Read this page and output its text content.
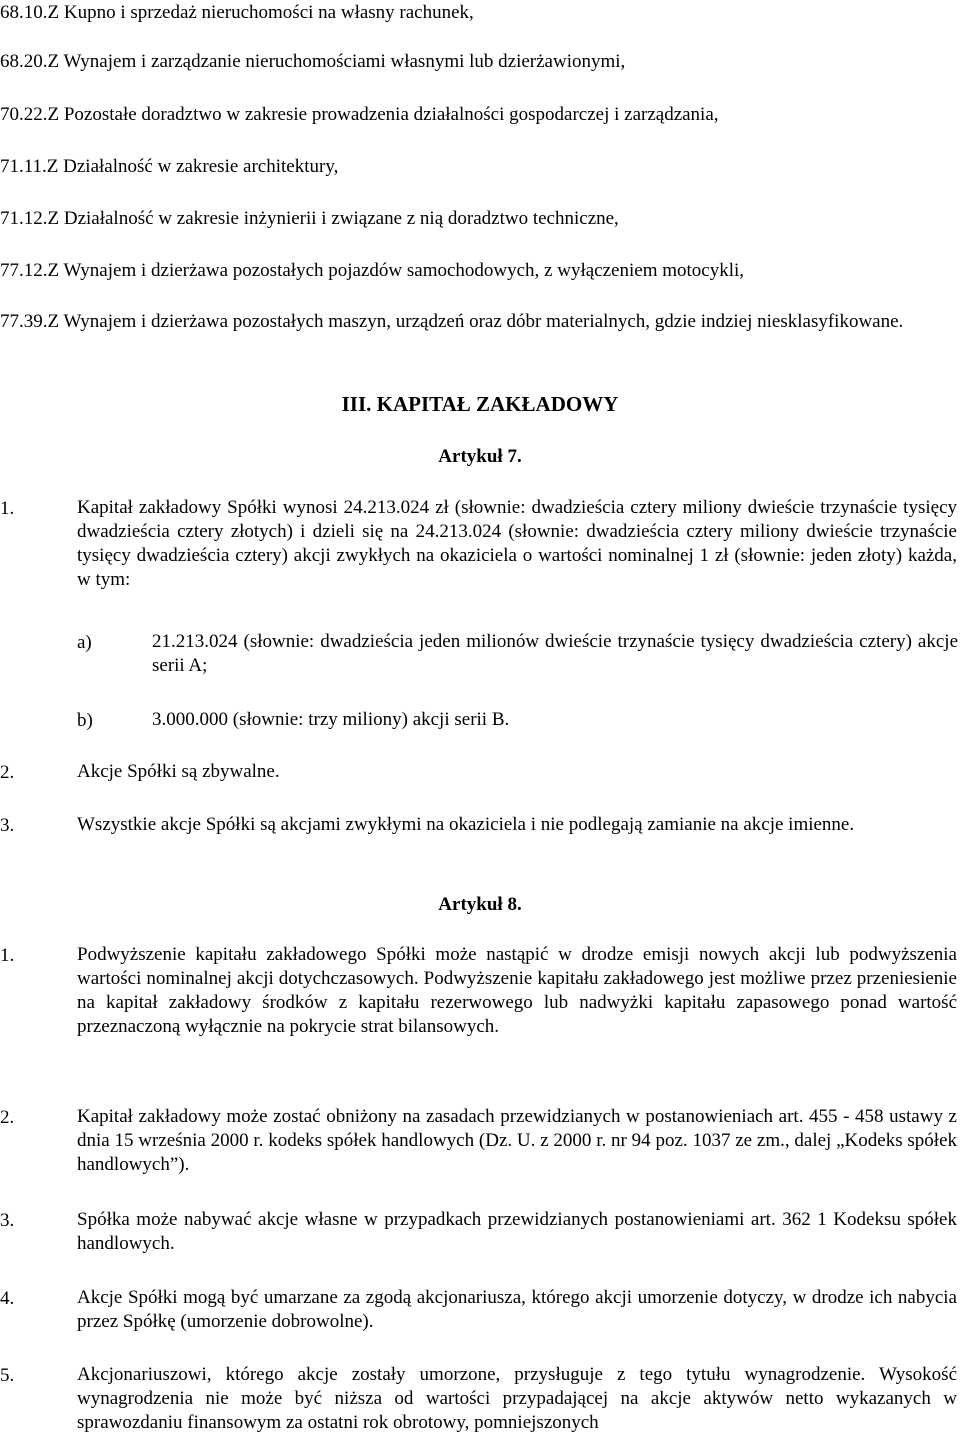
68.10.Z Kupno i sprzedaż nieruchomości na własny rachunek,
68.20.Z Wynajem i zarządzanie nieruchomościami własnymi lub dzierżawionymi,
70.22.Z Pozostałe doradztwo w zakresie prowadzenia działalności gospodarczej i zarządzania,
71.11.Z Działalność w zakresie architektury,
71.12.Z Działalność w zakresie inżynierii i związane z nią doradztwo techniczne,
77.12.Z Wynajem i dzierżawa pozostałych pojazdów samochodowych, z wyłączeniem motocykli,
77.39.Z Wynajem i dzierżawa pozostałych maszyn, urządzeń oraz dóbr materialnych, gdzie indziej niesklasyfikowane.
III. KAPITAŁ ZAKŁADOWY
Artykuł 7.
1.	Kapitał zakładowy Spółki wynosi 24.213.024 zł (słownie: dwadzieścia cztery miliony dwieście trzynaście tysięcy dwadzieścia cztery złotych) i dzieli się na 24.213.024 (słownie: dwadzieścia cztery miliony dwieście trzynaście tysięcy dwadzieścia cztery) akcji zwykłych na okaziciela o wartości nominalnej 1 zł (słownie: jeden złoty) każda, w tym:
a)	21.213.024 (słownie: dwadzieścia jeden milionów dwieście trzynaście tysięcy dwadzieścia cztery) akcje serii A;
b)	3.000.000 (słownie: trzy miliony) akcji serii B.
2.	Akcje Spółki są zbywalne.
3.	Wszystkie akcje Spółki są akcjami zwykłymi na okaziciela i nie podlegają zamianie na akcje imienne.
Artykuł 8.
1.	Podwyższenie kapitału zakładowego Spółki może nastąpić w drodze emisji nowych akcji lub podwyższenia wartości nominalnej akcji dotychczasowych. Podwyższenie kapitału zakładowego jest możliwe przez przeniesienie na kapitał zakładowy środków z kapitału rezerwowego lub nadwyżki kapitału zapasowego ponad wartość przeznaczoną wyłącznie na pokrycie strat bilansowych.
2.	Kapitał zakładowy może zostać obniżony na zasadach przewidzianych w postanowieniach art. 455 - 458 ustawy z dnia 15 września 2000 r. kodeks spółek handlowych (Dz. U. z 2000 r. nr 94 poz. 1037 ze zm., dalej „Kodeks spółek handlowych”).
3.	Spółka może nabywać akcje własne w przypadkach przewidzianych postanowieniami art. 362 1 Kodeksu spółek handlowych.
4.	Akcje Spółki mogą być umarzane za zgodą akcjonariusza, którego akcji umorzenie dotyczy, w drodze ich nabycia przez Spółkę (umorzenie dobrowolne).
5.	Akcjonariuszowi, którego akcje zostały umorzone, przysługuje z tego tytułu wynagrodzenie. Wysokość wynagrodzenia nie może być niższa od wartości przypadającej na akcje aktywów netto wykazanych w sprawozdaniu finansowym za ostatni rok obrotowy, pomniejszonych
